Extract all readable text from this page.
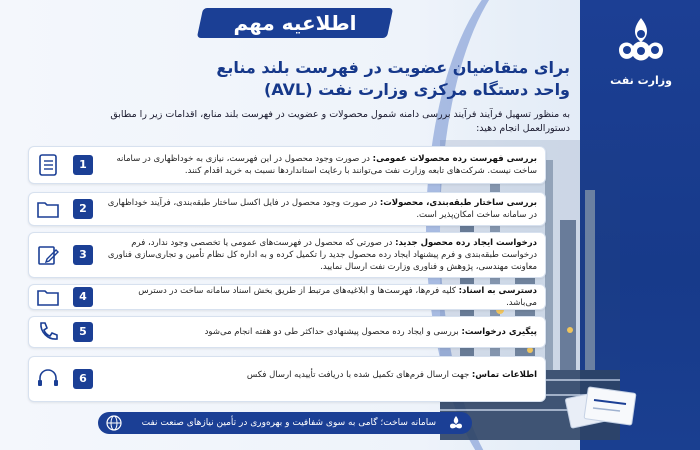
وزارت نفت
اطلاعیه مهم
برای متقاضیان عضویت در فهرست بلند منابع
واحد دستگاه مرکزی وزارت نفت (AVL)
به منظور تسهیل فرآیند فرآیند بررسی دامنه شمول محصولات و عضویت در فهرست بلند منابع، اقدامات زیر را مطابق دستورالعمل انجام دهید:
1	بررسی فهرست رده محصولات عمومی: در صورت وجود محصول در این فهرست، نیازی به خوداظهاری در سامانه ساخت نیست. شرکت‌های تابعه وزارت نفت می‌توانند با رعایت استانداردها نسبت به خرید اقدام کنند.
2	بررسی ساختار طبقه‌بندی، محصولات: در صورت وجود محصول در فایل اکسل ساختار طبقه‌بندی، فرآیند خوداظهاری در سامانه ساخت امکان‌پذیر است.
3
درخواست ایجاد رده محصول جدید: در صورتی که محصول در فهرست‌های عمومی یا تخصصی وجود ندارد، فرم درخواست طبقه‌بندی و فرم پیشنهاد ایجاد رده محصول جدید را تکمیل کرده و به اداره کل نظام تأمین و تجاری‌سازی فناوری معاونت مهندسی، پژوهش و فناوری وزارت نفت ارسال نمایید.
4	دسترسی به اسناد: کلیه فرم‌ها، فهرست‌ها و ابلاغیه‌های مرتبط از طریق بخش اسناد سامانه ساخت در دسترس می‌باشد.
5	پیگیری درخواست: بررسی و ایجاد رده محصول پیشنهادی حداکثر طی دو هفته انجام می‌شود
6	اطلاعات تماس: جهت ارسال فرم‌های تکمیل شده با دریافت تأییدیه ارسال فکس
سامانه ساخت؛ گامی به سوی شفافیت و بهره‌وری در تأمین نیازهای صنعت نفت
